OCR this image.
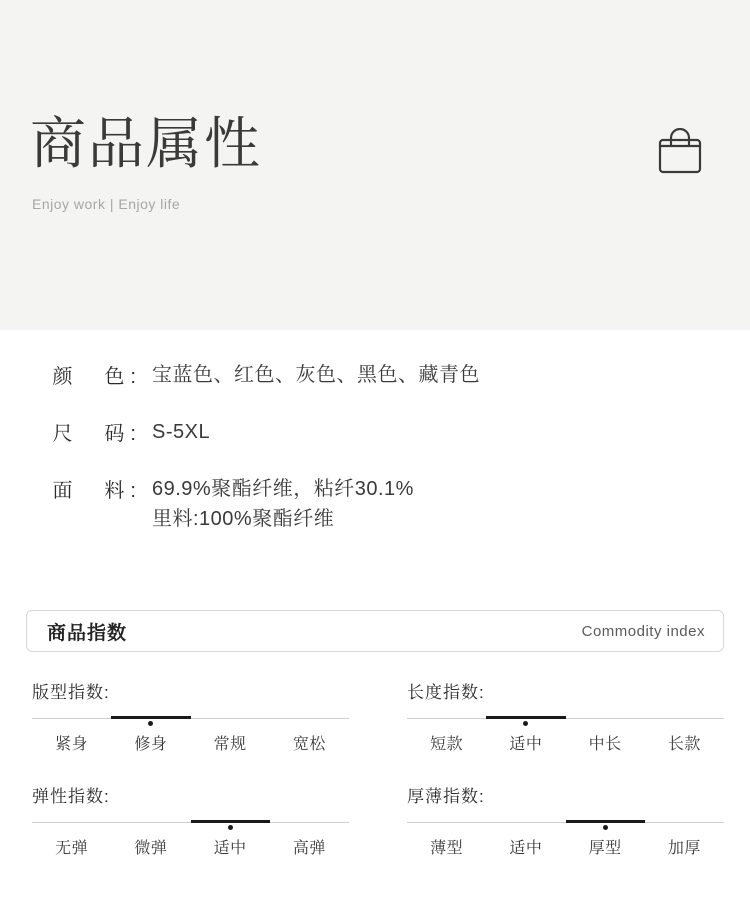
商品属性
Enjoy work | Enjoy life
颜　色: 宝蓝色、红色、灰色、黑色、藏青色
尺　码: S-5XL
面　料: 69.9%聚酯纤维，粘纤30.1%
里料:100%聚酯纤维
商品指数	Commodity index
版型指数:
紧身	修身	常规	宽松
长度指数:
短款	适中	中长	长款
弹性指数:
无弹	微弹	适中	高弹
厚薄指数:
薄型	适中	厚型	加厚
